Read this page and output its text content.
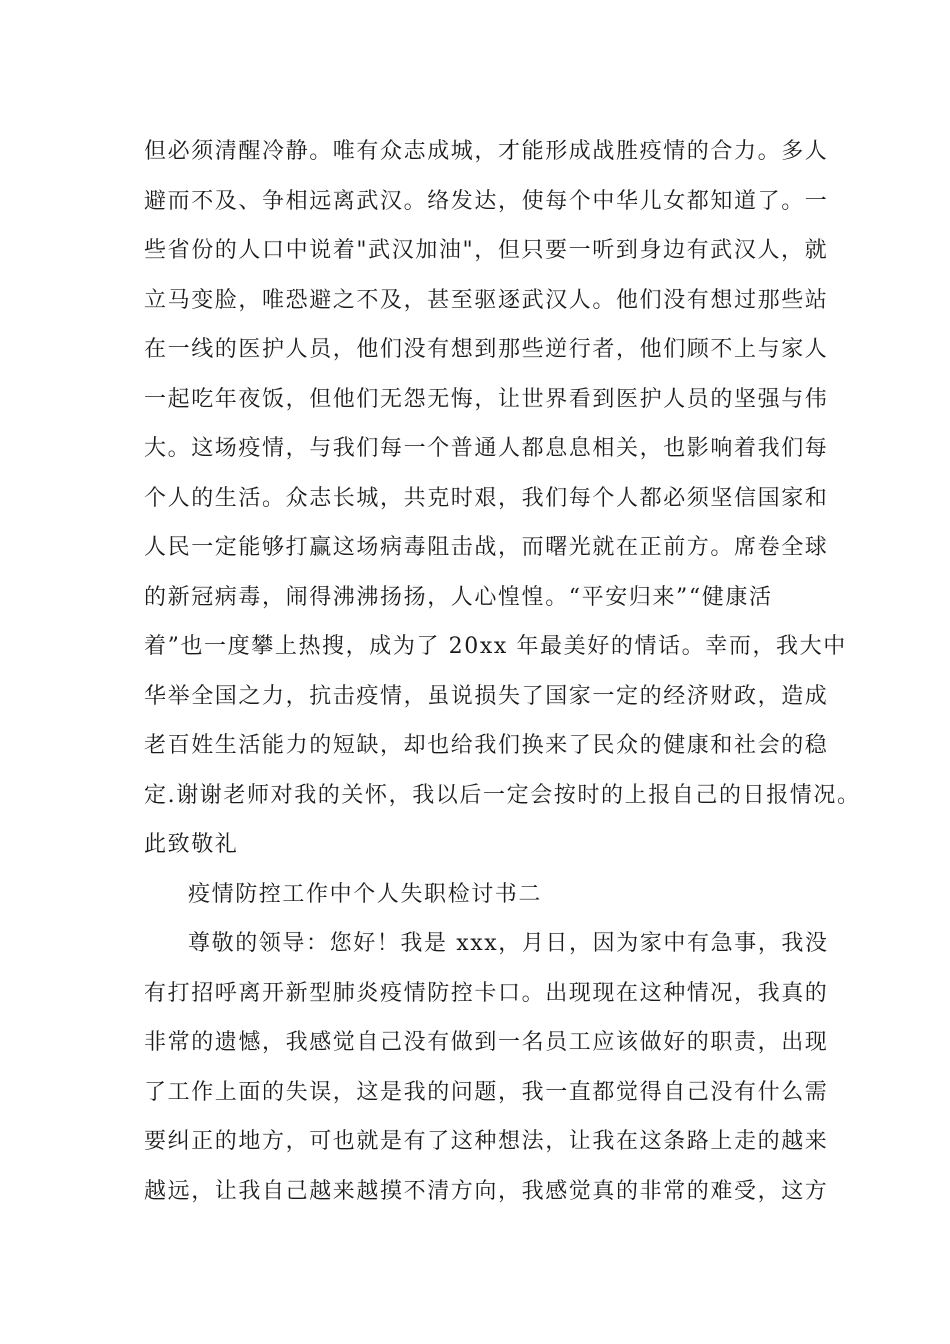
但必须清醒冷静。唯有众志成城，才能形成战胜疫情的合力。多人
避而不及、争相远离武汉。络发达，使每个中华儿女都知道了。一
些省份的人口中说着"武汉加油"，但只要一听到身边有武汉人，就
立马变脸，唯恐避之不及，甚至驱逐武汉人。他们没有想过那些站
在一线的医护人员，他们没有想到那些逆行者，他们顾不上与家人
一起吃年夜饭，但他们无怨无悔，让世界看到医护人员的坚强与伟
大。这场疫情，与我们每一个普通人都息息相关，也影响着我们每
个人的生活。众志长城，共克时艰，我们每个人都必须坚信国家和
人民一定能够打赢这场病毒阻击战，而曙光就在正前方。席卷全球
的新冠病毒，闹得沸沸扬扬，人心惶惶。“平安归来”“健康活
着”也一度攀上热搜，成为了 20xx 年最美好的情话。幸而，我大中
华举全国之力，抗击疫情，虽说损失了国家一定的经济财政，造成
老百姓生活能力的短缺，却也给我们换来了民众的健康和社会的稳
定.谢谢老师对我的关怀，我以后一定会按时的上报自己的日报情况。
此致敬礼
疫情防控工作中个人失职检讨书二
尊敬的领导：您好！我是 xxx，月日，因为家中有急事，我没
有打招呼离开新型肺炎疫情防控卡口。出现现在这种情况，我真的
非常的遗憾，我感觉自己没有做到一名员工应该做好的职责，出现
了工作上面的失误，这是我的问题，我一直都觉得自己没有什么需
要纠正的地方，可也就是有了这种想法，让我在这条路上走的越来
越远，让我自己越来越摸不清方向，我感觉真的非常的难受，这方
